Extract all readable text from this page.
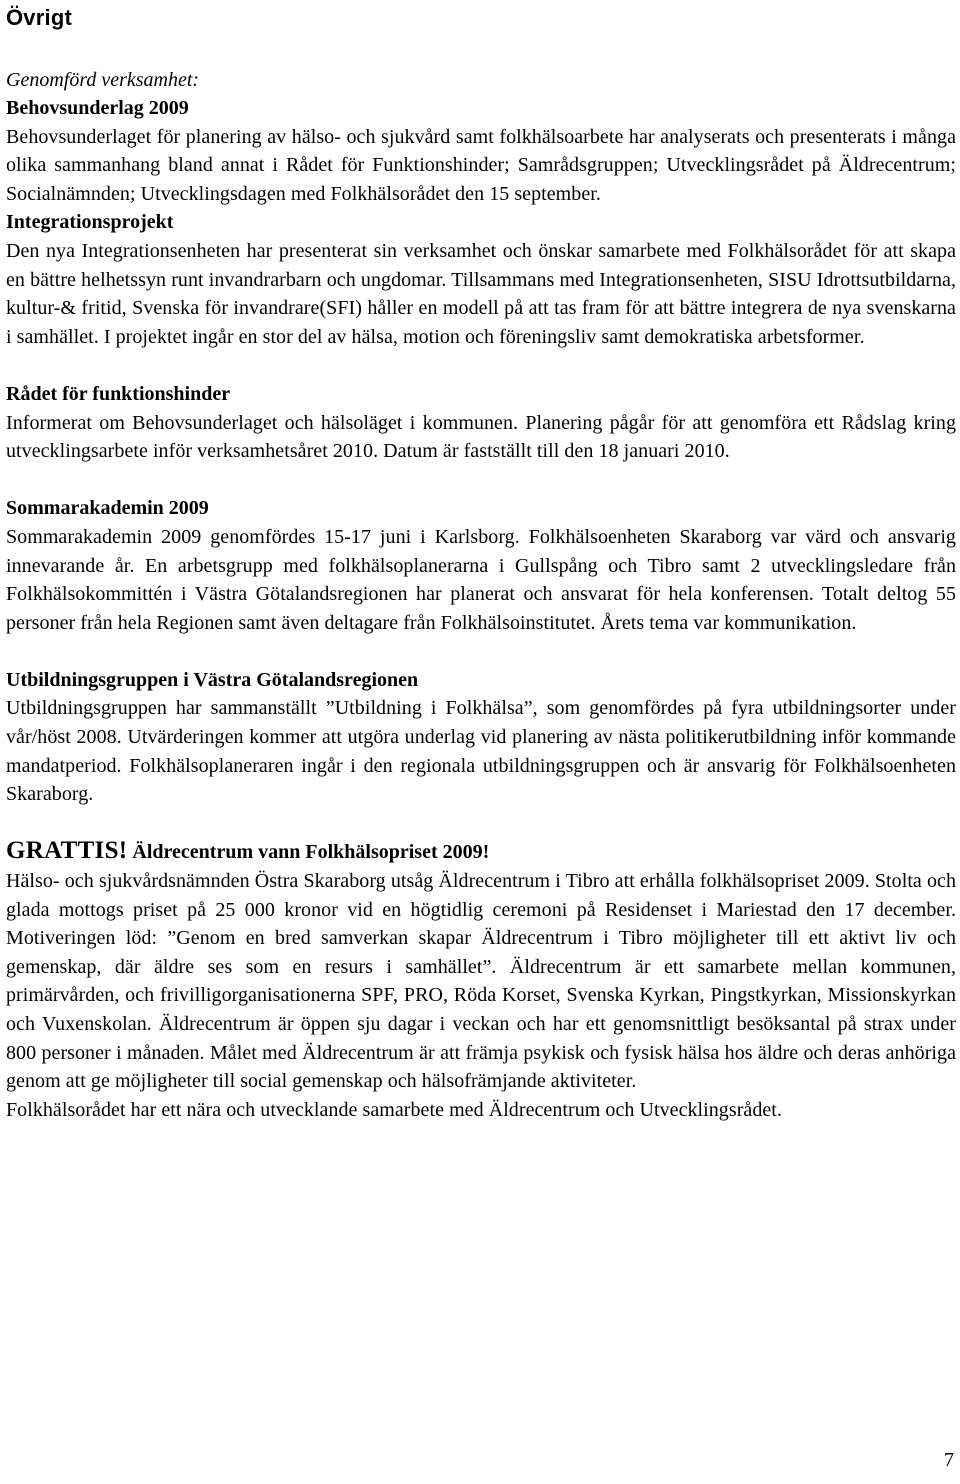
Övrigt
Genomförd verksamhet:
Behovsunderlag 2009

Behovsunderlaget för planering av hälso- och sjukvård samt folkhälsoarbete har analyserats och presenterats i många olika sammanhang bland annat i Rådet för Funktionshinder; Samrådsgruppen; Utvecklingsrådet på Äldrecentrum; Socialnämnden; Utvecklingsdagen med Folkhälsorådet den 15 september.

Integrationsprojekt

Den nya Integrationsenheten har presenterat sin verksamhet och önskar samarbete med Folkhälsorådet för att skapa en bättre helhetssyn runt invandrarbarn och ungdomar. Tillsammans med Integrationsenheten, SISU Idrottsutbildarna, kultur-& fritid, Svenska för invandrare(SFI) håller en modell på att tas fram för att bättre integrera de nya svenskarna i samhället. I projektet ingår en stor del av hälsa, motion och föreningsliv samt demokratiska arbetsformer.

Rådet för funktionshinder

Informerat om Behovsunderlaget och hälsoläget i kommunen. Planering pågår för att genomföra ett Rådslag kring utvecklingsarbete inför verksamhetsåret 2010. Datum är fastställt till den 18 januari 2010.

Sommarakademin 2009

Sommarakademin 2009 genomfördes 15-17 juni i Karlsborg. Folkhälsoenheten Skaraborg var värd och ansvarig innevarande år. En arbetsgrupp med folkhälsoplanerarna i Gullspång och Tibro samt 2 utvecklingsledare från Folkhälsokommittén i Västra Götalandsregionen har planerat och ansvarat för hela konferensen. Totalt deltog 55 personer från hela Regionen samt även deltagare från Folkhälsoinstitutet. Årets tema var kommunikation.

Utbildningsgruppen i Västra Götalandsregionen

Utbildningsgruppen har sammanställt ”Utbildning i Folkhälsa”, som genomfördes på fyra utbildningsorter under vår/höst 2008. Utvärderingen kommer att utgöra underlag vid planering av nästa politikerutbildning inför kommande mandatperiod. Folkhälsoplaneraren ingår i den regionala utbildningsgruppen och är ansvarig för Folkhälsoenheten Skaraborg.

GRATTIS! Äldrecentrum vann Folkhälsopriset 2009!

Hälso- och sjukvårdsnämnden Östra Skaraborg utsåg Äldrecentrum i Tibro att erhålla folkhälsopriset 2009. Stolta och glada mottogs priset på 25 000 kronor vid en högtidlig ceremoni på Residenset i Mariestad den 17 december. Motiveringen löd: ”Genom en bred samverkan skapar Äldrecentrum i Tibro möjligheter till ett aktivt liv och gemenskap, där äldre ses som en resurs i samhället”. Äldrecentrum är ett samarbete mellan kommunen, primärvården, och frivilligorganisationerna SPF, PRO, Röda Korset, Svenska Kyrkan, Pingstkyrkan, Missionskyrkan och Vuxenskolan. Äldrecentrum är öppen sju dagar i veckan och har ett genomsnittligt besöksantal på strax under 800 personer i månaden. Målet med Äldrecentrum är att främja psykisk och fysisk hälsa hos äldre och deras anhöriga genom att ge möjligheter till social gemenskap och hälsofrämjande aktiviteter.

Folkhälsorådet har ett nära och utvecklande samarbete med Äldrecentrum och Utvecklingsrådet.

7
